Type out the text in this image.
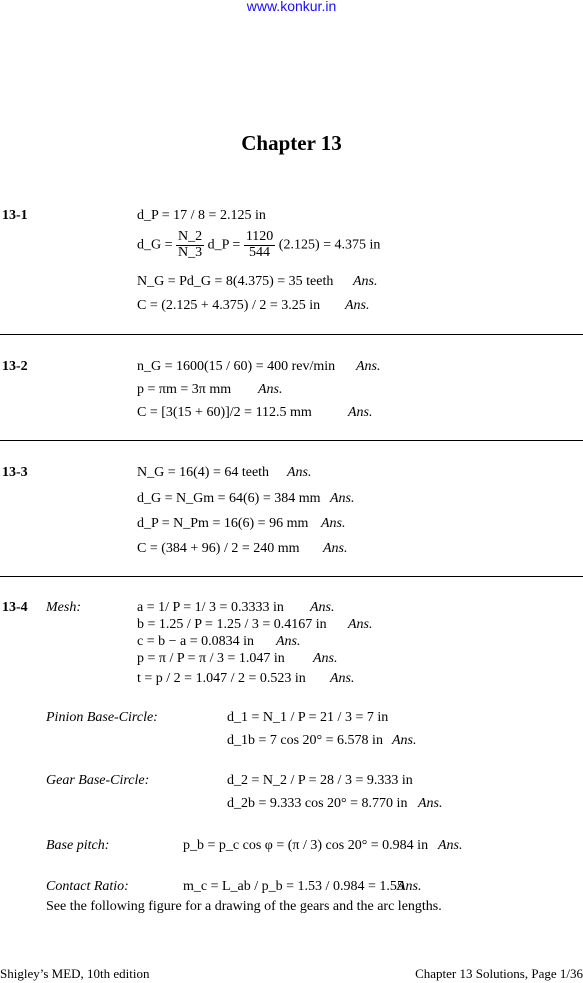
www.konkur.in
Chapter 13
13-1	d_P = 17 / 8 = 2.125 in
d_G = $\frac{N\_2}{N\_3}$ d_P = $\frac{1120}{544} (2.125) = 4.375$ in
N_G = Pd_G = 8(4.375) = 35 teeth Ans.
C = (2.125 + 4.375) / 2 = 3.25 in Ans.
13-2	n_G = 1600(15 / 60) = 400 rev/min Ans.
p = πm = 3π mm Ans.
C = [3(15 + 60)]/2 = 112.5 mm	Ans.
13-3	N_G = 16(4) = 64 teeth Ans.
d_G = N_Gm = 64(6) = 384 mm Ans.
d_P = N_Pm = 16(6) = 96 mm Ans.
C = (384 + 96) / 2 = 240 mm Ans.
13-4 Mesh:	a = 1/ P = 1/ 3 = 0.3333 in Ans.
b = 1.25 / P = 1.25 / 3 = 0.4167 in Ans.
c = b − a = 0.0834 in Ans.
p = π / P = π / 3 = 1.047 in Ans.
t = p / 2 = 1.047 / 2 = 0.523 in Ans.
Pinion Base-Circle:	d_1 = N_1 / P = 21 / 3 = 7 in
d_1b = 7 cos 20° = 6.578 in Ans.
Gear Base-Circle:	d_2 = N_2 / P = 28 / 3 = 9.333 in
d_2b = 9.333 cos 20° = 8.770 in Ans.
Base pitch:	p_b = p_c cos φ = (π / 3) cos 20° = 0.984 in Ans.
Contact Ratio:	m_c = L_ab / p_b = 1.53 / 0.984 = 1.55
Ans.
See the following figure for a drawing of the gears and the arc lengths.
Shigley’s MED, 10th edition	Chapter 13 Solutions, Page 1/36
